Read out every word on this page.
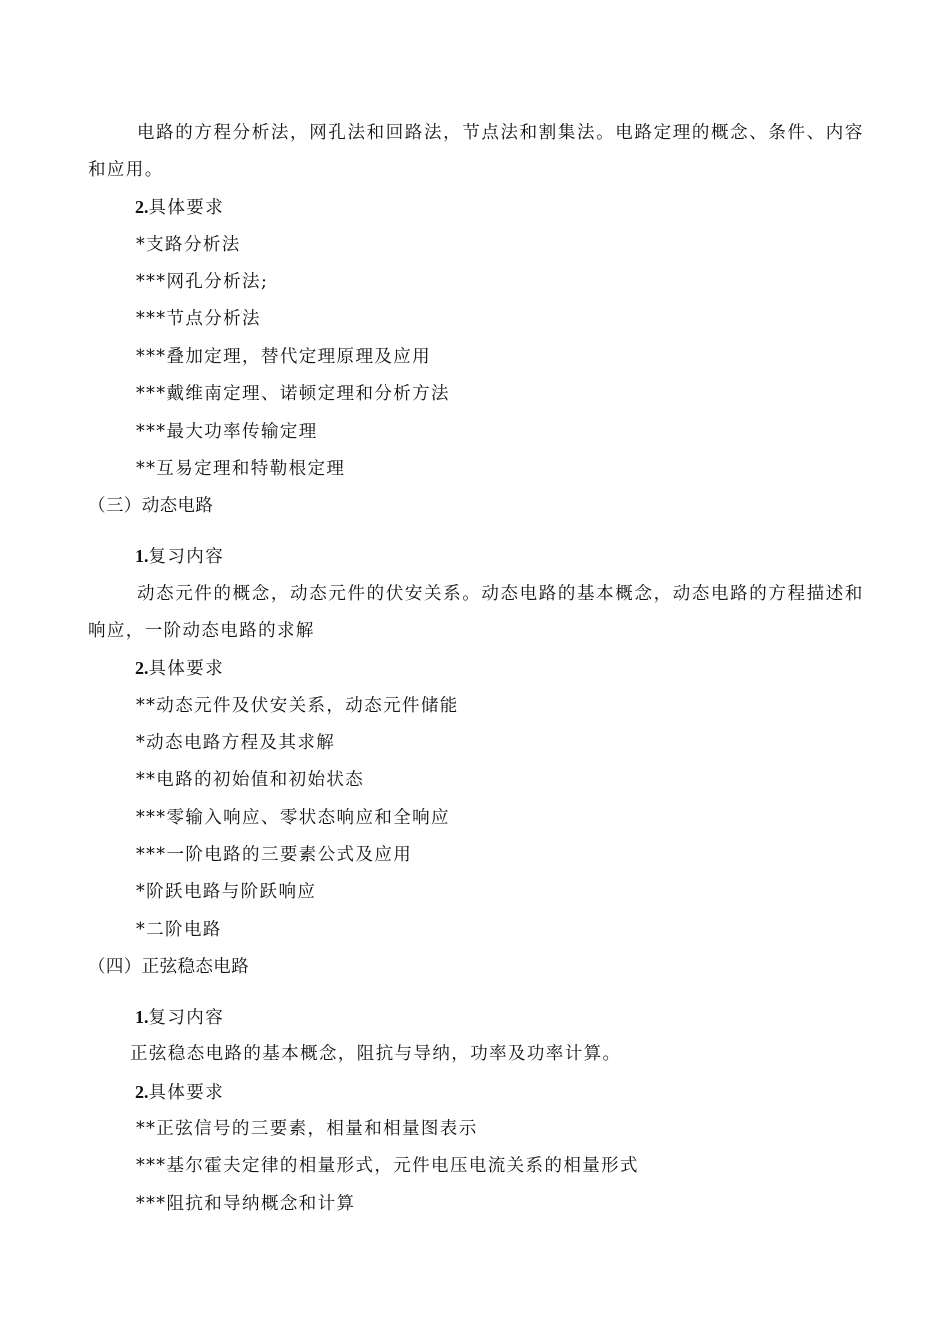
电路的方程分析法，网孔法和回路法，节点法和割集法。电路定理的概念、条件、内容
和应用。
2.具体要求
*支路分析法
***网孔分析法;
***节点分析法
***叠加定理，替代定理原理及应用
***戴维南定理、诺顿定理和分析方法
***最大功率传输定理
**互易定理和特勒根定理
（三）动态电路
1.复习内容
动态元件的概念，动态元件的伏安关系。动态电路的基本概念，动态电路的方程描述和
响应，一阶动态电路的求解
2.具体要求
**动态元件及伏安关系，动态元件储能
*动态电路方程及其求解
**电路的初始值和初始状态
***零输入响应、零状态响应和全响应
***一阶电路的三要素公式及应用
*阶跃电路与阶跃响应
*二阶电路
（四）正弦稳态电路
1.复习内容
正弦稳态电路的基本概念，阻抗与导纳，功率及功率计算。
2.具体要求
**正弦信号的三要素，相量和相量图表示
***基尔霍夫定律的相量形式，元件电压电流关系的相量形式
***阻抗和导纳概念和计算
